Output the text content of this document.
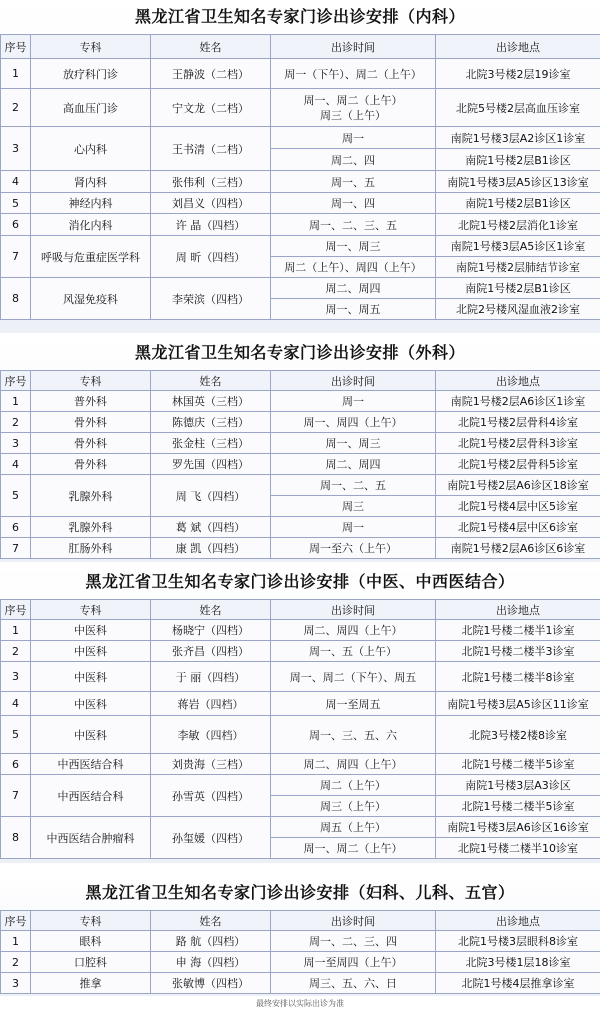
黑龙江省卫生知名专家门诊出诊安排（内科）
序号	专科	姓名	出诊时间	出诊地点
1	放疗科门诊	王静波（二档）	周一（下午）、周二（上午）	北院3号楼2层19诊室
2	高血压门诊	宁文龙（二档）	周一、周二（上午） 周三（上午）	北院5号楼2层高血压诊室
3	心内科	王书清（二档）	周一	南院1号楼3层A2诊区1诊室
			周二、四	南院1号楼2层B1诊区
4	肾内科	张伟利（三档）	周一、五	南院1号楼3层A5诊区13诊室
5	神经内科	刘昌义（四档）	周一、四	南院1号楼2层B1诊区
6	消化内科	许 晶（四档）	周一、二、三、五	北院1号楼2层消化1诊室
7	呼吸与危重症医学科	周 昕（四档）	周一、周三	南院1号楼3层A5诊区1诊室
			周二（上午）、周四（上午）	南院1号楼2层肺结节诊室
8	风湿免疫科	李荣滨（四档）	周二、周四	南院1号楼2层B1诊区
			周一、周五	北院2号楼风湿血液2诊室
黑龙江省卫生知名专家门诊出诊安排（外科）
序号	专科	姓名	出诊时间	出诊地点
1	普外科	林国英（三档）	周一	南院1号楼2层A6诊区1诊室
2	骨外科	陈德庆（三档）	周一、周四（上午）	北院1号楼2层骨科4诊室
3	骨外科	张金柱（三档）	周一、周三	北院1号楼2层骨科3诊室
4	骨外科	罗先国（四档）	周二、周四	北院1号楼2层骨科5诊室
5	乳腺外科	周 飞（四档）	周一、二、五	南院1号楼2层A6诊区18诊室
			周三	北院1号楼4层中区5诊室
6	乳腺外科	葛 斌（四档）	周一	北院1号楼4层中区6诊室
7	肛肠外科	康 凯（四档）	周一至六（上午）	南院1号楼2层A6诊区6诊室
黑龙江省卫生知名专家门诊出诊安排（中医、中西医结合）
序号	专科	姓名	出诊时间	出诊地点
1	中医科	杨晓宁（四档）	周二、周四（上午）	北院1号楼二楼半1诊室
2	中医科	张齐昌（四档）	周一、五（上午）	北院1号楼二楼半3诊室
3	中医科	于 丽（四档）	周一、周二（下午）、周五	北院1号楼二楼半8诊室
4	中医科	蒋岩（四档）	周一至周五	南院1号楼3层A5诊区11诊室
5	中医科	李敏（四档）	周一、三、五、六	北院3号楼2楼8诊室
6	中西医结合科	刘贵海（三档）	周二、周四（上午）	北院1号楼二楼半5诊室
7	中西医结合科	孙雪英（四档）	周二（上午）	南院1号楼3层A3诊区
			周三（上午）	北院1号楼二楼半5诊室
8	中西医结合肿瘤科	孙玺媛（四档）	周五（上午）	南院1号楼3层A6诊区16诊室
			周一、周二（上午）	北院1号楼二楼半10诊室
黑龙江省卫生知名专家门诊出诊安排（妇科、儿科、五官）
序号	专科	姓名	出诊时间	出诊地点
1	眼科	路 航（四档）	周一、二、三、四	北院1号楼3层眼科8诊室
2	口腔科	申 海（四档）	周一至周四（上午）	北院3号楼1层18诊室
3	推拿	张敏博（四档）	周三、五、六、日	北院1号楼4层推拿诊室
最终安排以实际出诊为准
